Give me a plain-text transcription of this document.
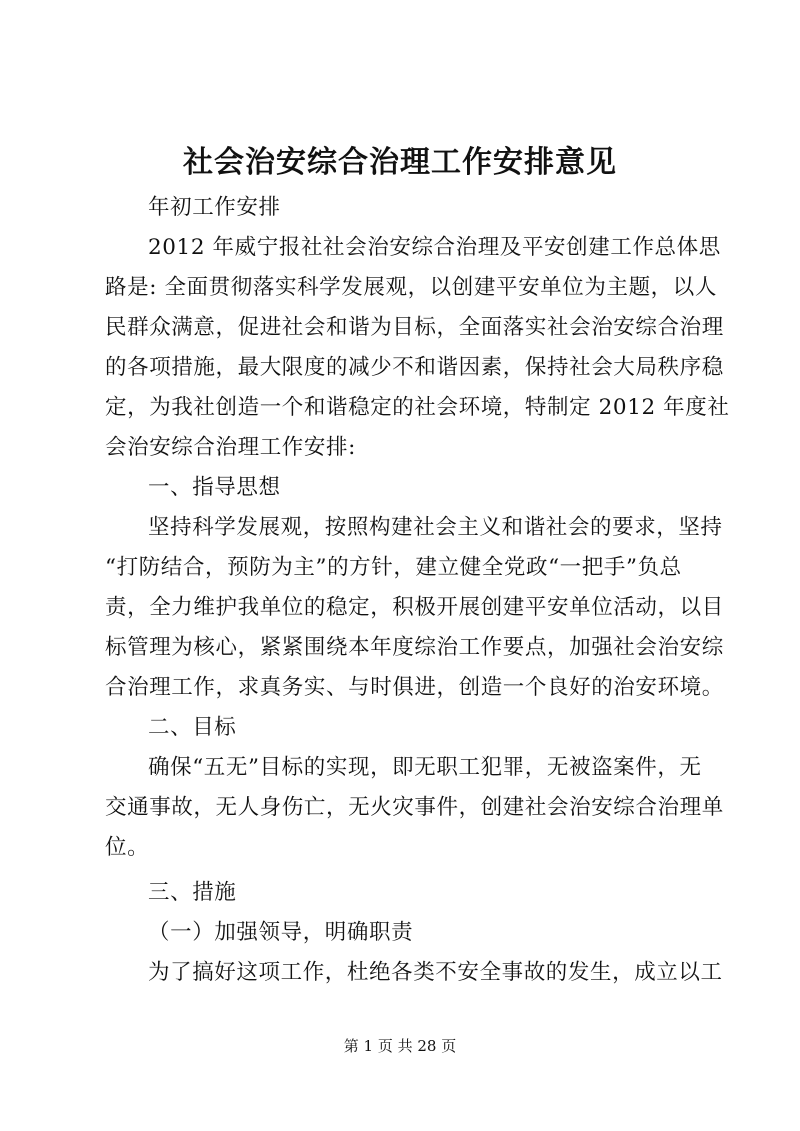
社会治安综合治理工作安排意见
年初工作安排
2012 年威宁报社社会治安综合治理及平安创建工作总体思
路是: 全面贯彻落实科学发展观，以创建平安单位为主题，以人
民群众满意，促进社会和谐为目标，全面落实社会治安综合治理
的各项措施，最大限度的减少不和谐因素，保持社会大局秩序稳
定，为我社创造一个和谐稳定的社会环境，特制定 2012 年度社
会治安综合治理工作安排:
一、指导思想
坚持科学发展观，按照构建社会主义和谐社会的要求，坚持
“打防结合，预防为主”的方针，建立健全党政“一把手”负总
责，全力维护我单位的稳定，积极开展创建平安单位活动，以目
标管理为核心，紧紧围绕本年度综治工作要点，加强社会治安综
合治理工作，求真务实、与时俱进，创造一个良好的治安环境。
二、目标
确保“五无”目标的实现，即无职工犯罪，无被盗案件，无
交通事故，无人身伤亡，无火灾事件，创建社会治安综合治理单
位。
三、措施
（一）加强领导，明确职责
为了搞好这项工作，杜绝各类不安全事故的发生，成立以工
第 1 页 共 28 页
